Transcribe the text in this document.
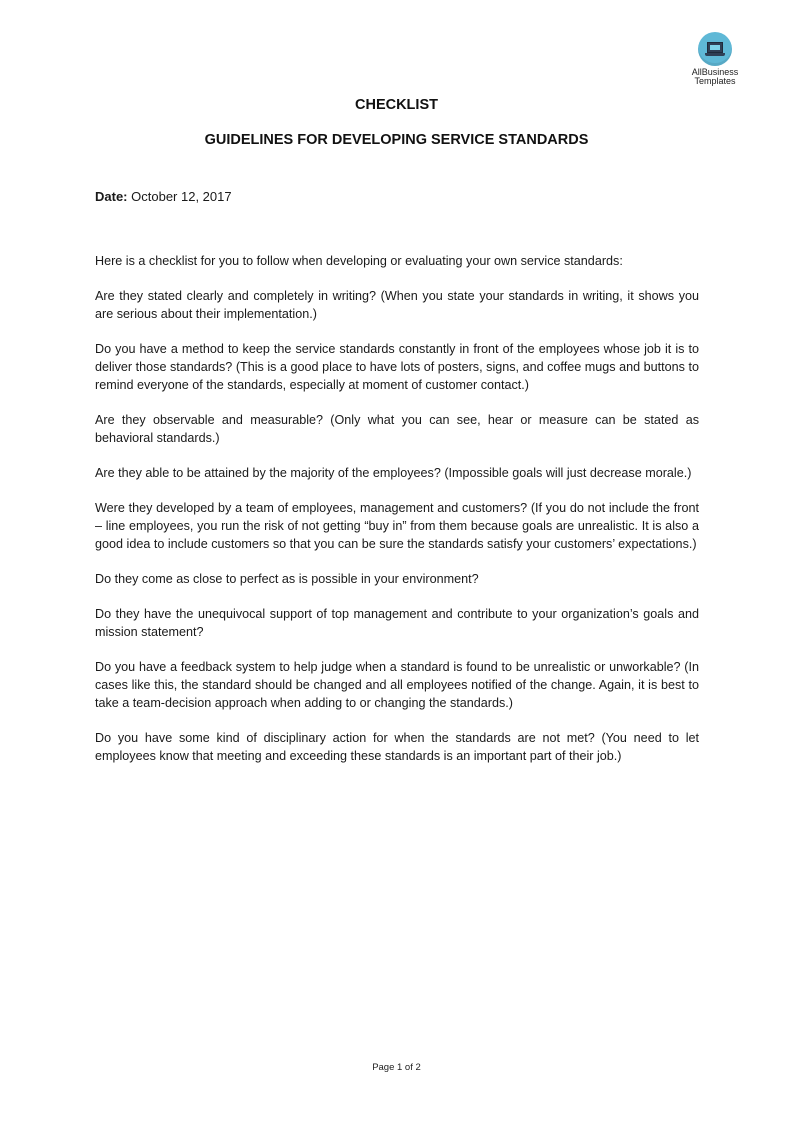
AllBusiness
Templates
CHECKLIST
GUIDELINES FOR DEVELOPING SERVICE STANDARDS
Date: October 12, 2017

Here is a checklist for you to follow when developing or evaluating your own service standards:

Are they stated clearly and completely in writing? (When you state your standards in writing, it shows you are serious about their implementation.)

Do you have a method to keep the service standards constantly in front of the employees whose job it is to deliver those standards? (This is a good place to have lots of posters, signs, and coffee mugs and buttons to remind everyone of the standards, especially at moment of customer contact.)

Are they observable and measurable? (Only what you can see, hear or measure can be stated as behavioral standards.)

Are they able to be attained by the majority of the employees? (Impossible goals will just decrease morale.)

Were they developed by a team of employees, management and customers? (If you do not include the front – line employees, you run the risk of not getting “buy in” from them because goals are unrealistic. It is also a good idea to include customers so that you can be sure the standards satisfy your customers’ expectations.)

Do they come as close to perfect as is possible in your environment?

Do they have the unequivocal support of top management and contribute to your organization’s goals and mission statement?

Do you have a feedback system to help judge when a standard is found to be unrealistic or unworkable? (In cases like this, the standard should be changed and all employees notified of the change. Again, it is best to take a team-decision approach when adding to or changing the standards.)

Do you have some kind of disciplinary action for when the standards are not met? (You need to let employees know that meeting and exceeding these standards is an important part of their job.)

Page 1 of 2
